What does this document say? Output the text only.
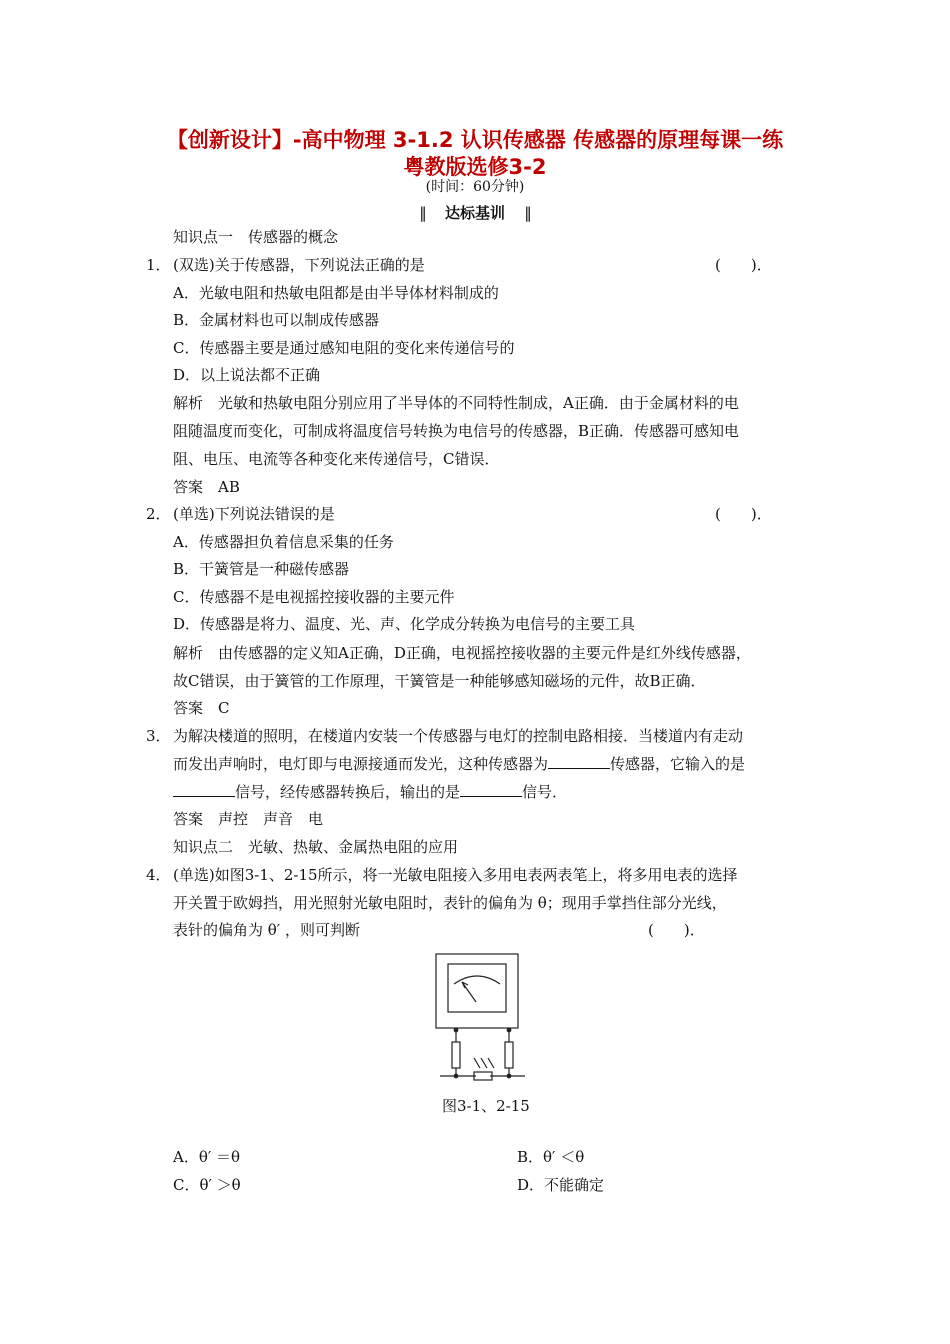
【创新设计】-高中物理 3-1.2 认识传感器 传感器的原理每课一练
粤教版选修3-2
(时间：60分钟)
‖ 达标基训 ‖
知识点一　传感器的概念
1． (双选)关于传感器，下列说法正确的是	(　　)．
A．光敏电阻和热敏电阻都是由半导体材料制成的
B．金属材料也可以制成传感器
C．传感器主要是通过感知电阻的变化来传递信号的
D．以上说法都不正确
解析　光敏和热敏电阻分别应用了半导体的不同特性制成，A正确．由于金属材料的电
阻随温度而变化，可制成将温度信号转换为电信号的传感器，B正确．传感器可感知电
阻、电压、电流等各种变化来传递信号，C错误．
答案　AB
2． (单选)下列说法错误的是	(　　)．
A．传感器担负着信息采集的任务
B．干簧管是一种磁传感器
C．传感器不是电视摇控接收器的主要元件
D．传感器是将力、温度、光、声、化学成分转换为电信号的主要工具
解析　由传感器的定义知A正确，D正确，电视摇控接收器的主要元件是红外线传感器，
故C错误，由于簧管的工作原理，干簧管是一种能够感知磁场的元件，故B正确．
答案　C
3． 为解决楼道的照明，在楼道内安装一个传感器与电灯的控制电路相接．当楼道内有走动
而发出声响时，电灯即与电源接通而发光，这种传感器为	传感器，它输入的是
信号，经传感器转换后，输出的是	信号．
答案　声控　声音　电
知识点二　光敏、热敏、金属热电阻的应用
4． (单选)如图3-1、2-15所示，将一光敏电阻接入多用电表两表笔上，将多用电表的选择
开关置于欧姆挡，用光照射光敏电阻时，表针的偏角为 θ；现用手掌挡住部分光线，
表针的偏角为 θ′ ，则可判断	(　　)．
图3-1、2-15
A．θ′ ＝θ	B．θ′ ＜θ
C．θ′ ＞θ	D．不能确定
